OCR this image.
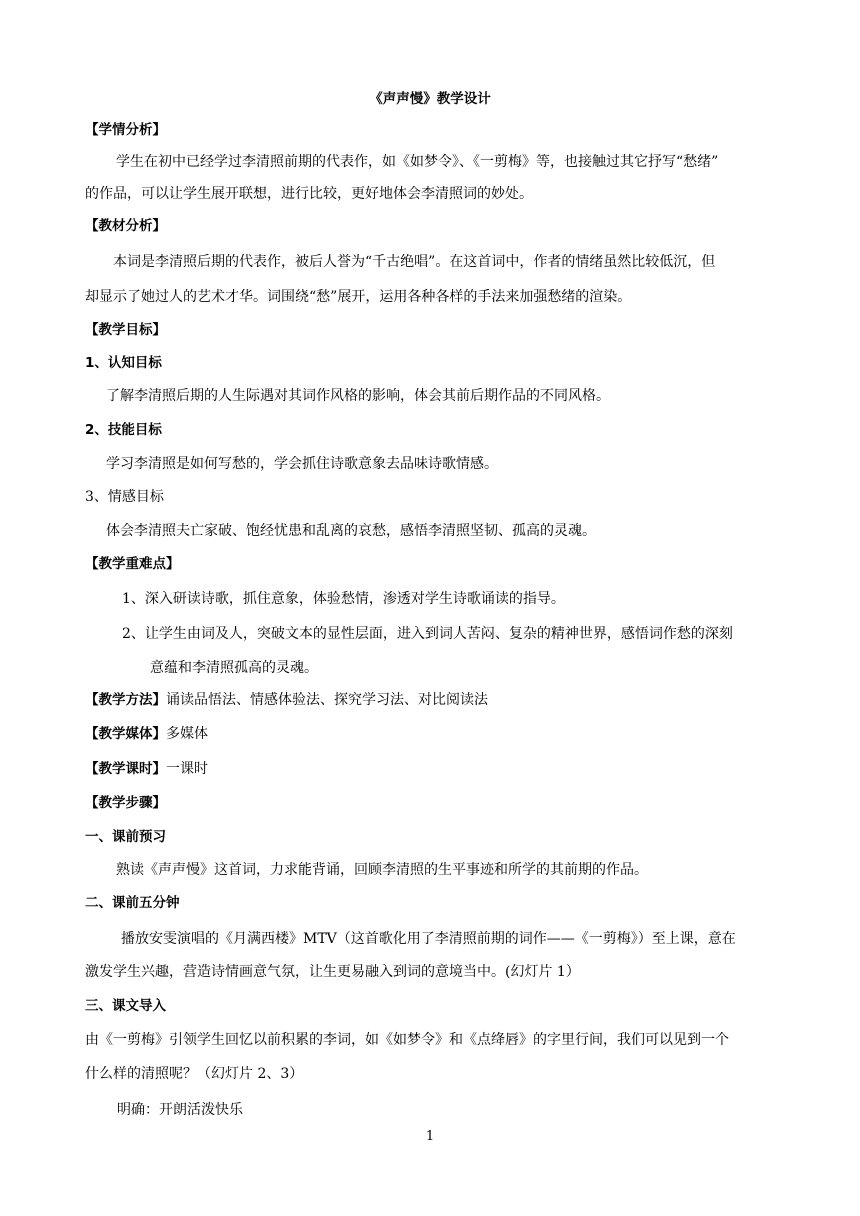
《声声慢》教学设计
【学情分析】
学生在初中已经学过李清照前期的代表作，如《如梦令》、《一剪梅》等，也接触过其它抒写“愁绪”
的作品，可以让学生展开联想，进行比较，更好地体会李清照词的妙处。
【教材分析】
本词是李清照后期的代表作，被后人誉为“千古绝唱”。在这首词中，作者的情绪虽然比较低沉，但
却显示了她过人的艺术才华。词围绕“愁”展开，运用各种各样的手法来加强愁绪的渲染。
【教学目标】
1、认知目标
了解李清照后期的人生际遇对其词作风格的影响，体会其前后期作品的不同风格。
2、技能目标
学习李清照是如何写愁的，学会抓住诗歌意象去品味诗歌情感。
3、情感目标
体会李清照夫亡家破、饱经忧患和乱离的哀愁，感悟李清照坚韧、孤高的灵魂。
【教学重难点】
1、深入研读诗歌，抓住意象，体验愁情，渗透对学生诗歌诵读的指导。
2、让学生由词及人，突破文本的显性层面，进入到词人苦闷、复杂的精神世界，感悟词作愁的深刻
意蕴和李清照孤高的灵魂。
【教学方法】诵读品悟法、情感体验法、探究学习法、对比阅读法
【教学媒体】多媒体
【教学课时】一课时
【教学步骤】
一、课前预习
熟读《声声慢》这首词，力求能背诵，回顾李清照的生平事迹和所学的其前期的作品。
二、课前五分钟
播放安雯演唱的《月满西楼》MTV（这首歌化用了李清照前期的词作——《一剪梅》）至上课，意在
激发学生兴趣，营造诗情画意气氛，让生更易融入到词的意境当中。(幻灯片 1）
三、课文导入
由《一剪梅》引领学生回忆以前积累的李词，如《如梦令》和《点绛唇》的字里行间，我们可以见到一个
什么样的清照呢？（幻灯片 2、3）
明确：开朗活泼快乐
1
